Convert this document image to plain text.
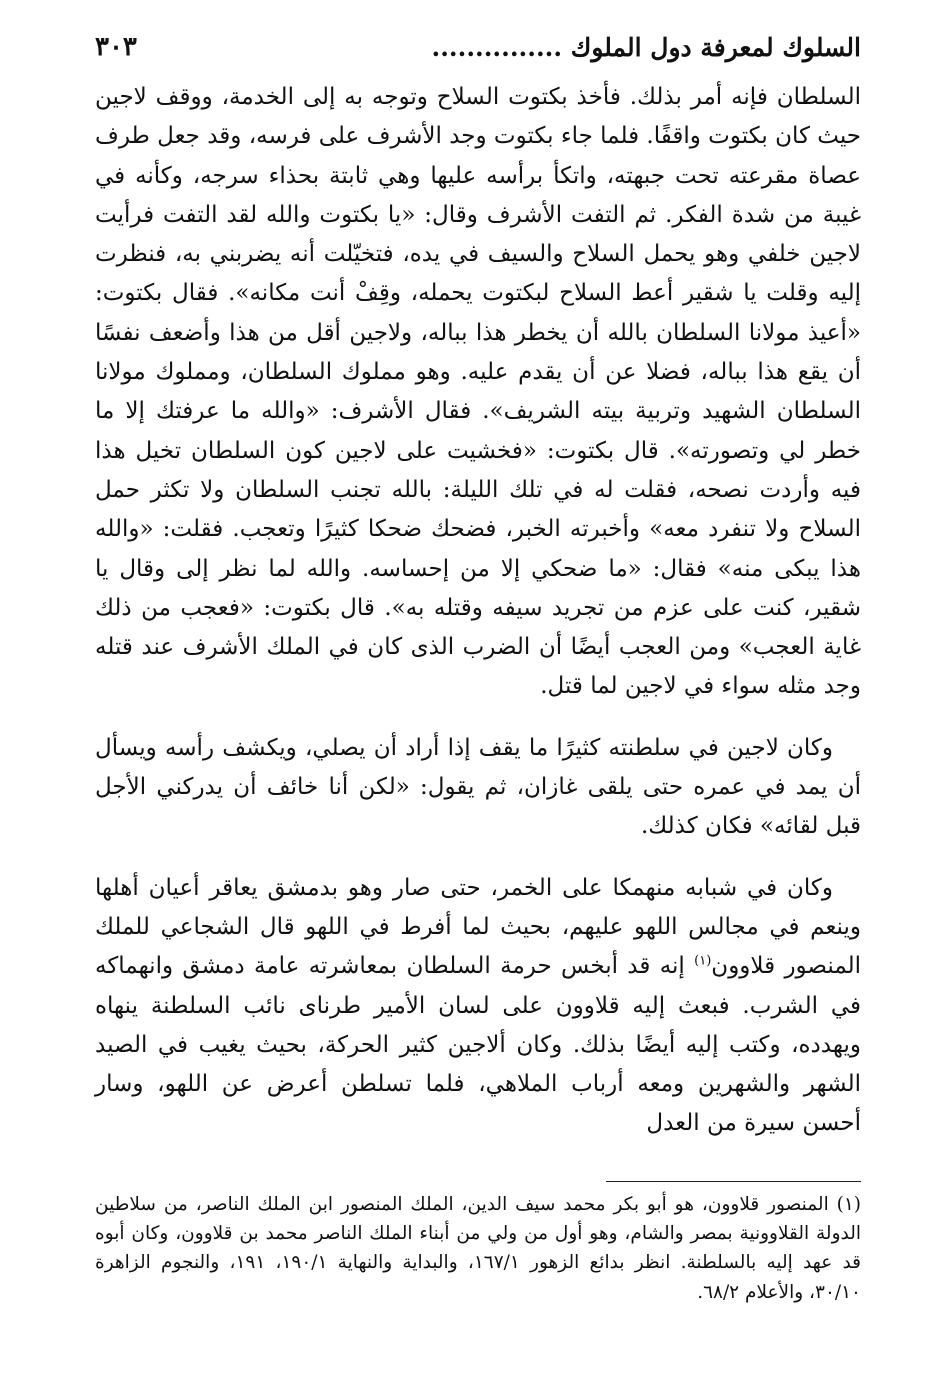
السلوك لمعرفة دول الملوك ...............
٣٠٣

السلطان فإنه أمر بذلك. فأخذ بكتوت السلاح وتوجه به إلى الخدمة، ووقف لاجين حيث كان بكتوت واقفًا. فلما جاء بكتوت وجد الأشرف على فرسه، وقد جعل طرف عصاة مقرعته تحت جبهته، واتكأ برأسه عليها وهي ثابتة بحذاء سرجه، وكأنه في غيبة من شدة الفكر. ثم التفت الأشرف وقال: «يا بكتوت والله لقد التفت فرأيت لاجين خلفي وهو يحمل السلاح والسيف في يده، فتخيّلت أنه يضربني به، فنظرت إليه وقلت يا شقير أعط السلاح لبكتوت يحمله، وقِفْ أنت مكانه». فقال بكتوت: «أعيذ مولانا السلطان بالله أن يخطر هذا بباله، ولاجين أقل من هذا وأضعف نفسًا أن يقع هذا بباله، فضلا عن أن يقدم عليه. وهو مملوك السلطان، ومملوك مولانا السلطان الشهيد وتربية بيته الشريف». فقال الأشرف: «والله ما عرفتك إلا ما خطر لي وتصورته». قال بكتوت: «فخشيت على لاجين كون السلطان تخيل هذا فيه وأردت نصحه، فقلت له في تلك الليلة: بالله تجنب السلطان ولا تكثر حمل السلاح ولا تنفرد معه» وأخبرته الخبر، فضحك ضحكا كثيرًا وتعجب. فقلت: «والله هذا يبكى منه» فقال: «ما ضحكي إلا من إحساسه. والله لما نظر إلى وقال يا شقير، كنت على عزم من تجريد سيفه وقتله به». قال بكتوت: «فعجب من ذلك غاية العجب» ومن العجب أيضًا أن الضرب الذى كان في الملك الأشرف عند قتله وجد مثله سواء في لاجين لما قتل.

وكان لاجين في سلطنته كثيرًا ما يقف إذا أراد أن يصلي، ويكشف رأسه ويسأل أن يمد في عمره حتى يلقى غازان، ثم يقول: «لكن أنا خائف أن يدركني الأجل قبل لقائه» فكان كذلك.

وكان في شبابه منهمكا على الخمر، حتى صار وهو بدمشق يعاقر أعيان أهلها وينعم في مجالس اللهو عليهم، بحيث لما أفرط في اللهو قال الشجاعي للملك المنصور قلاوون$^{(١)}$ إنه قد أبخس حرمة السلطان بمعاشرته عامة دمشق وانهماكه في الشرب. فبعث إليه قلاوون على لسان الأمير طرناى نائب السلطنة ينهاه ويهدده، وكتب إليه أيضًا بذلك. وكان ألاجين كثير الحركة، بحيث يغيب في الصيد الشهر والشهرين ومعه أرباب الملاهي، فلما تسلطن أعرض عن اللهو، وسار أحسن سيرة من العدل

(١) المنصور قلاوون، هو أبو بكر محمد سيف الدين، الملك المنصور ابن الملك الناصر، من سلاطين الدولة القلاوونية بمصر والشام، وهو أول من ولي من أبناء الملك الناصر محمد بن قلاوون، وكان أبوه قد عهد إليه بالسلطنة. انظر بدائع الزهور ١٦٧/١، والبداية والنهاية ١٩٠/١، ١٩١، والنجوم الزاهرة ٣٠/١٠، والأعلام ٦٨/٢.
